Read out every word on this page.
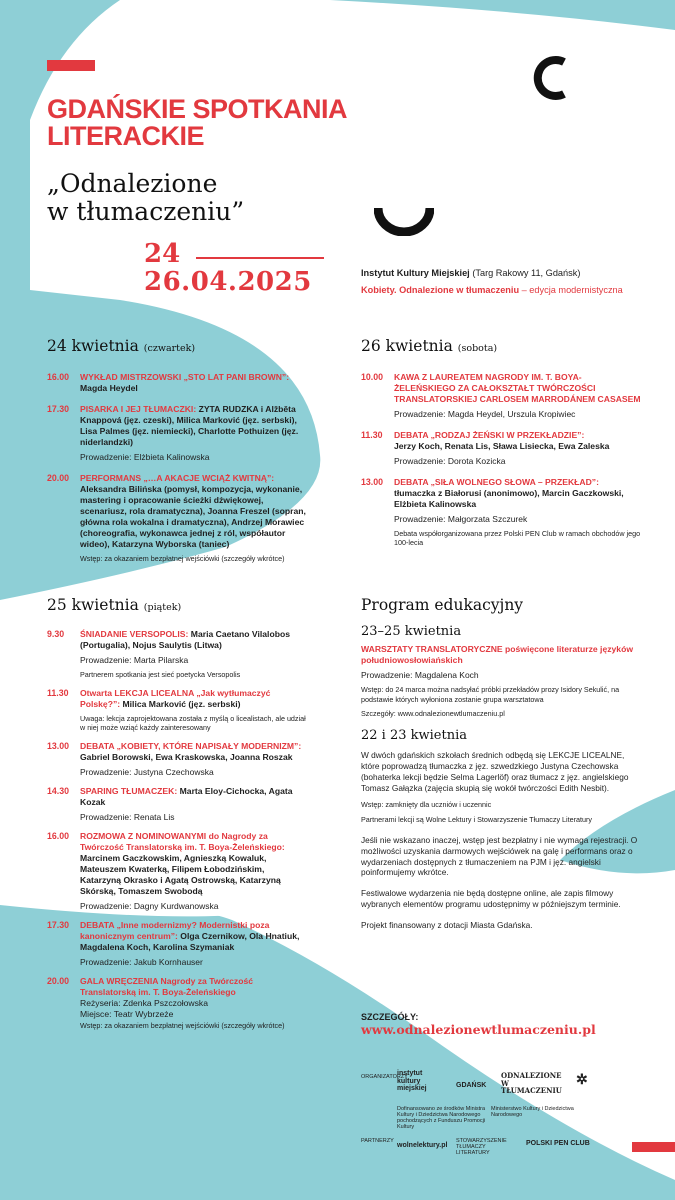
GDAŃSKIE SPOTKANIA
LITERACKIE
„Odnalezione
w tłumaczeniu”
24
26.04.2025	Instytut Kultury Miejskiej (Targ Rakowy 11, Gdańsk)
Kobiety. Odnalezione w tłumaczeniu – edycja modernistyczna
24 kwietnia (czwartek)
16.00	WYKŁAD MISTRZOWSKI „STO LAT PANI BROWN”:
Magda Heydel
17.30	PISARKA I JEJ TŁUMACZKI: ZYTA RUDZKA i Alžběta Knappová (jęz. czeski), Milica Marković (jęz. serbski), Lisa Palmes (jęz. niemiecki), Charlotte Pothuizen (jęz. niderlandzki)
Prowadzenie: Elżbieta Kalinowska
20.00	PERFORMANS „…A AKACJE WCIĄŻ KWITNĄ”:
Aleksandra Bilińska (pomysł, kompozycja, wykonanie, mastering i opracowanie ścieżki dźwiękowej, scenariusz, rola dramatyczna), Joanna Freszel (sopran, główna rola wokalna i dramatyczna), Andrzej Morawiec (choreografia, wykonawca jednej z ról, współautor wideo), Katarzyna Wyborska (taniec)
Wstęp: za okazaniem bezpłatnej wejściówki (szczegóły wkrótce)
25 kwietnia (piątek)
9.30	ŚNIADANIE VERSOPOLIS: Maria Caetano Vilalobos (Portugalia), Nojus Saulytis (Litwa)
Prowadzenie: Marta Pilarska
Partnerem spotkania jest sieć poetycka Versopolis
11.30	Otwarta LEKCJA LICEALNA „Jak wytłumaczyć Polskę?”: Milica Marković (jęz. serbski)
Uwaga: lekcja zaprojektowana została z myślą o licealistach, ale udział w niej może wziąć każdy zainteresowany
13.00	DEBATA „KOBIETY, KTÓRE NAPISAŁY MODERNIZM”:
Gabriel Borowski, Ewa Kraskowska, Joanna Roszak
Prowadzenie: Justyna Czechowska
14.30	SPARING TŁUMACZEK: Marta Eloy-Cichocka, Agata Kozak
Prowadzenie: Renata Lis
16.00	ROZMOWA Z NOMINOWANYMI do Nagrody za Twórczość Translatorską im. T. Boya-Żeleńskiego:
Marcinem Gaczkowskim, Agnieszką Kowaluk, Mateuszem Kwaterką, Filipem Łobodzińskim, Katarzyną Okrasko i Agatą Ostrowską, Katarzyną Skórską, Tomaszem Swobodą
Prowadzenie: Dagny Kurdwanowska
17.30	DEBATA „Inne modernizmy? Modernistki poza kanonicznym centrum”: Olga Czernikow, Ola Hnatiuk, Magdalena Koch, Karolina Szymaniak
Prowadzenie: Jakub Kornhauser
20.00	GALA WRĘCZENIA Nagrody za Twórczość Translatorską im. T. Boya-Żeleńskiego
Reżyseria: Zdenka Pszczołowska
Miejsce: Teatr Wybrzeże
Wstęp: za okazaniem bezpłatnej wejściówki (szczegóły wkrótce)
26 kwietnia (sobota)
10.00	KAWA Z LAUREATEM NAGRODY IM. T. BOYA-ŻELEŃSKIEGO ZA CAŁOKSZTAŁT TWÓRCZOŚCI TRANSLATORSKIEJ CARLOSEM MARRODÁNEM CASASEM
Prowadzenie: Magda Heydel, Urszula Kropiwiec
11.30	DEBATA „RODZAJ ŻEŃSKI W PRZEKŁADZIE”:
Jerzy Koch, Renata Lis, Sława Lisiecka, Ewa Zaleska
Prowadzenie: Dorota Kozicka
13.00	DEBATA „SIŁA WOLNEGO SŁOWA – PRZEKŁAD”:
tłumaczka z Białorusi (anonimowo), Marcin Gaczkowski, Elżbieta Kalinowska
Prowadzenie: Małgorzata Szczurek
Debata współorganizowana przez Polski PEN Club w ramach obchodów jego 100-lecia
Program edukacyjny
23–25 kwietnia
WARSZTATY TRANSLATORYCZNE poświęcone literaturze języków południowosłowiańskich
Prowadzenie: Magdalena Koch
Wstęp: do 24 marca można nadsyłać próbki przekładów prozy Isidory Sekulić, na podstawie których wyłoniona zostanie grupa warsztatowa
Szczegóły: www.odnalezionewtlumaczeniu.pl
22 i 23 kwietnia
W dwóch gdańskich szkołach średnich odbędą się LEKCJE LICEALNE, które poprowadzą tłumaczka z jęz. szwedzkiego Justyna Czechowska (bohaterka lekcji będzie Selma Lagerlöf) oraz tłumacz z jęz. angielskiego Tomasz Gałązka (zajęcia skupią się wokół twórczości Edith Nesbit).
Wstęp: zamknięty dla uczniów i uczennic
Partnerami lekcji są Wolne Lektury i Stowarzyszenie Tłumaczy Literatury
Jeśli nie wskazano inaczej, wstęp jest bezpłatny i nie wymaga rejestracji. O możliwości uzyskania darmowych wejściówek na galę i performans oraz o wydarzeniach dostępnych z tłumaczeniem na PJM i jęz. angielski poinformujemy wkrótce.
Festiwalowe wydarzenia nie będą dostępne online, ale zapis filmowy wybranych elementów programu udostępnimy w późniejszym terminie.
Projekt finansowany z dotacji Miasta Gdańska.
SZCZEGÓŁY:
www.odnalezionewtlumaczeniu.pl
ORGANIZATORZY
instytut kultury miejskiej	GDAŃSK
ODNALEZIONE W TŁUMACZENIU
✲
Dofinansowano ze środków Ministra Kultury i Dziedzictwa Narodowego pochodzących z Funduszu Promocji Kultury
Ministerstwo Kultury i Dziedzictwa Narodowego
PARTNERZY
wolnelektury.pl
STOWARZYSZENIE TŁUMACZY LITERATURY
POLSKI PEN CLUB
